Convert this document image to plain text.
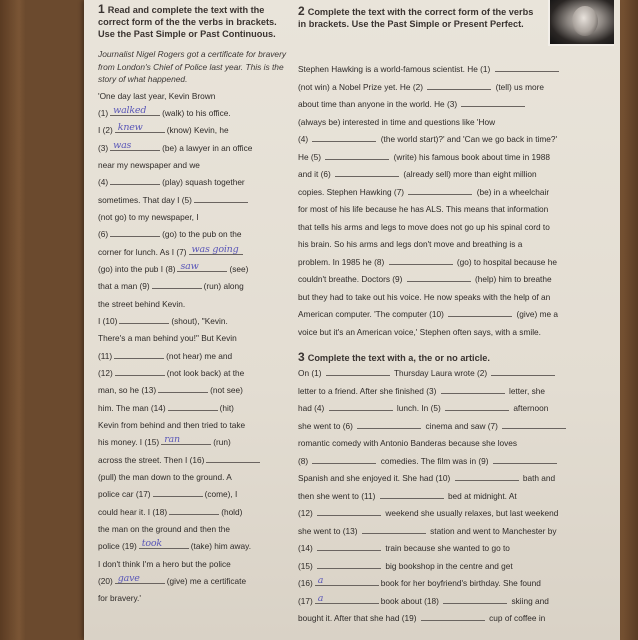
1 Read and complete the text with the correct form of the the verbs in brackets. Use the Past Simple or Past Continuous.
Journalist Nigel Rogers got a certificate for bravery from London's Chief of Police last year. This is the story of what happened.
'One day last year, Kevin Brown
(1) walked (walk) to his office.
I (2) knew	(know) Kevin, he
(3) was	(be) a lawyer in an office
near my newspaper and we
(4)	(play) squash together
sometimes. That day I (5)
(not go) to my newspaper, I
(6)	(go) to the pub on the
corner for lunch. As I (7) was going
(go) into the pub I (8) saw	(see)
that a man (9)	(run) along
the street behind Kevin.
I (10)	(shout), "Kevin.
There's a man behind you!" But Kevin
(11)	(not hear) me and
(12)	(not look back) at the
man, so he (13)	(not see)
him. The man (14)	(hit)
Kevin from behind and then tried to take
his money. I (15) ran	(run)
across the street. Then I (16)
(pull) the man down to the ground. A
police car (17)	(come), I
could hear it. I (18)	(hold)
the man on the ground and then the
police (19) took	(take) him away.
I don't think I'm a hero but the police
(20) gave	(give) me a certificate
for bravery.'
2 Complete the text with the correct form of the verbs in brackets. Use the Past Simple or Present Perfect.
Stephen Hawking is a world-famous scientist. He (1)
(not win) a Nobel Prize yet. He (2)	(tell) us more
about time than anyone in the world. He (3)
(always be) interested in time and questions like 'How
(4)	(the world start)?' and 'Can we go back in time?'
He (5)	(write) his famous book about time in 1988
and it (6)	(already sell) more than eight million
copies. Stephen Hawking (7)	(be) in a wheelchair
for most of his life because he has ALS. This means that information
that tells his arms and legs to move does not go up his spinal cord to
his brain. So his arms and legs don't move and breathing is a
problem. In 1985 he (8)	(go) to hospital because he
couldn't breathe. Doctors (9)	(help) him to breathe
but they had to take out his voice. He now speaks with the help of an
American computer. 'The computer (10)	(give) me a
voice but it's an American voice,' Stephen often says, with a smile.
3 Complete the text with a, the or no article.
On (1)	Thursday Laura wrote (2)
letter to a friend. After she finished (3)	letter, she
had (4)	lunch. In (5)	afternoon
she went to (6)	cinema and saw (7)
romantic comedy with Antonio Banderas because she loves
(8)	comedies. The film was in (9)
Spanish and she enjoyed it. She had (10)	bath and
then she went to (11)	bed at midnight. At
(12)	weekend she usually relaxes, but last weekend
she went to (13)	station and went to Manchester by
(14)	train because she wanted to go to
(15)	big bookshop in the centre and get
(16) a	book for her boyfriend's birthday. She found
(17) a	book about (18)	skiing and
bought it. After that she had (19)	cup of coffee in
